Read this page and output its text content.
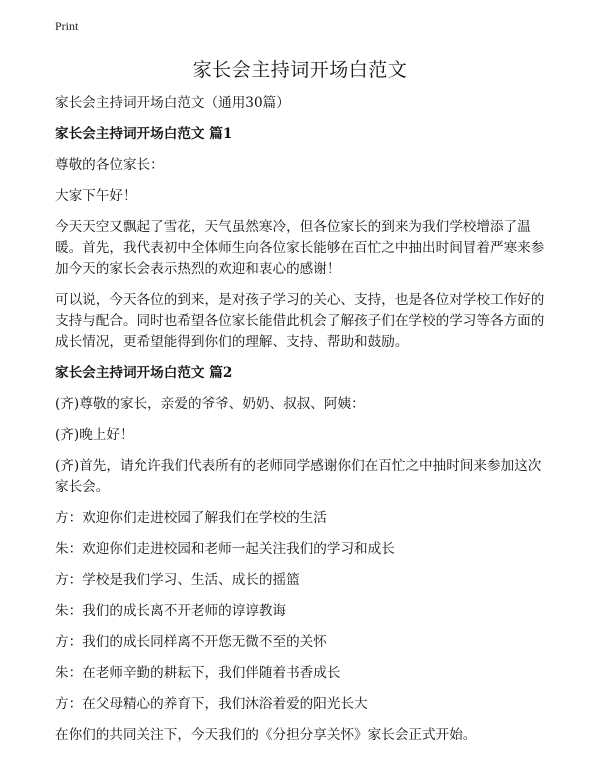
Print
家长会主持词开场白范文
家长会主持词开场白范文（通用30篇）
家长会主持词开场白范文 篇1
尊敬的各位家长：
大家下午好！
今天天空又飘起了雪花，天气虽然寒冷，但各位家长的到来为我们学校增添了温暖。首先，我代表初中全体师生向各位家长能够在百忙之中抽出时间冒着严寒来参加今天的家长会表示热烈的欢迎和衷心的感谢！
可以说，今天各位的到来，是对孩子学习的关心、支持，也是各位对学校工作好的支持与配合。同时也希望各位家长能借此机会了解孩子们在学校的学习等各方面的成长情况，更希望能得到你们的理解、支持、帮助和鼓励。
家长会主持词开场白范文 篇2
(齐)尊敬的家长，亲爱的爷爷、奶奶、叔叔、阿姨：
(齐)晚上好！
(齐)首先，请允许我们代表所有的老师同学感谢你们在百忙之中抽时间来参加这次家长会。
方：欢迎你们走进校园了解我们在学校的生活
朱：欢迎你们走进校园和老师一起关注我们的学习和成长
方：学校是我们学习、生活、成长的摇篮
朱：我们的成长离不开老师的谆谆教诲
方：我们的成长同样离不开您无微不至的关怀
朱：在老师辛勤的耕耘下，我们伴随着书香成长
方：在父母精心的养育下，我们沐浴着爱的阳光长大
在你们的共同关注下，今天我们的《分担分享关怀》家长会正式开始。
